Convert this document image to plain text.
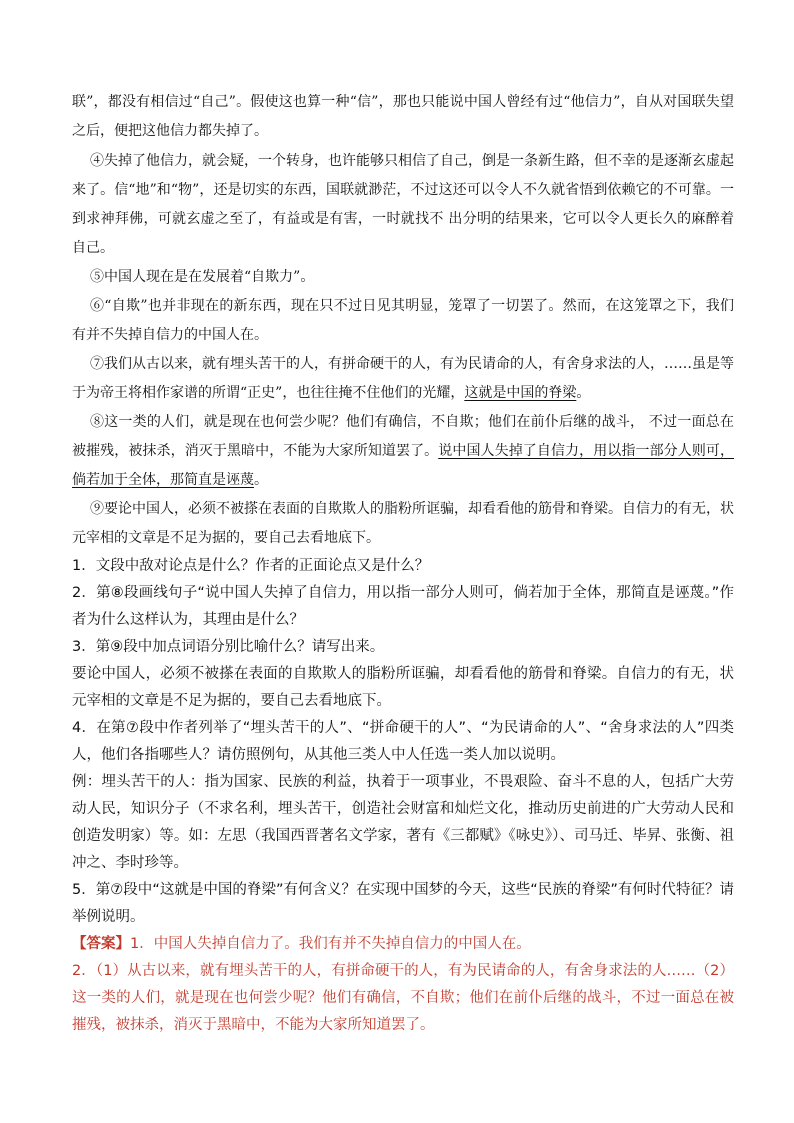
联”，都没有相信过“自己”。假使这也算一种“信”，那也只能说中国人曾经有过“他信力”，自从对国联失望之后，便把这他信力都失掉了。

④失掉了他信力，就会疑，一个转身，也许能够只相信了自己，倒是一条新生路，但不幸的是逐渐玄虚起来了。信“地”和“物”，还是切实的东西，国联就渺茫，不过这还可以令人不久就省悟到依赖它的不可靠。一到求神拜佛，可就玄虚之至了，有益或是有害，一时就找不 出分明的结果来，它可以令人更长久的麻醉着自己。

⑤中国人现在是在发展着“自欺力”。

⑥“自欺”也并非现在的新东西，现在只不过日见其明显，笼罩了一切罢了。然而，在这笼罩之下，我们有并不失掉自信力的中国人在。

⑦我们从古以来，就有埋头苦干的人，有拼命硬干的人，有为民请命的人，有舍身求法的人，……虽是等于为帝王将相作家谱的所谓“正史”，也往往掩不住他们的光耀，这就是中国的脊梁。

⑧这一类的人们，就是现在也何尝少呢？他们有确信，不自欺；他们在前仆后继的战斗， 不过一面总在被摧残，被抹杀，消灭于黑暗中，不能为大家所知道罢了。说中国人失掉了自信力，用以指一部分人则可，倘若加于全体，那简直是诬蔑。

⑨要论中国人，必须不被搽在表面的自欺欺人的脂粉所诓骗，却看看他的筋骨和脊梁。自信力的有无，状元宰相的文章是不足为据的，要自己去看地底下。

1．文段中敌对论点是什么？作者的正面论点又是什么？

2．第⑧段画线句子“说中国人失掉了自信力，用以指一部分人则可，倘若加于全体，那简直是诬蔑。”作者为什么这样认为，其理由是什么？

3．第⑨段中加点词语分别比喻什么？请写出来。

要论中国人，必须不被搽在表面的自欺欺人的脂粉所诓骗，却看看他的筋骨和脊梁。自信力的有无，状元宰相的文章是不足为据的，要自己去看地底下。

4．在第⑦段中作者列举了“埋头苦干的人”、“拼命硬干的人”、“为民请命的人”、“舍身求法的人”四类人，他们各指哪些人？请仿照例句，从其他三类人中人任选一类人加以说明。

例：埋头苦干的人：指为国家、民族的利益，执着于一项事业，不畏艰险、奋斗不息的人，包括广大劳动人民，知识分子（不求名利，埋头苦干，创造社会财富和灿烂文化，推动历史前进的广大劳动人民和创造发明家）等。如：左思（我国西晋著名文学家，著有《三都赋》《咏史》）、司马迁、毕昇、张衡、祖冲之、李时珍等。

5．第⑦段中“这就是中国的脊梁”有何含义？在实现中国梦的今天，这些“民族的脊梁”有何时代特征？请举例说明。

【答案】1．中国人失掉自信力了。我们有并不失掉自信力的中国人在。

2．（1）从古以来，就有埋头苦干的人，有拼命硬干的人，有为民请命的人，有舍身求法的人……（2）这一类的人们，就是现在也何尝少呢？他们有确信，不自欺；他们在前仆后继的战斗，不过一面总在被摧残，被抹杀，消灭于黑暗中，不能为大家所知道罢了。
